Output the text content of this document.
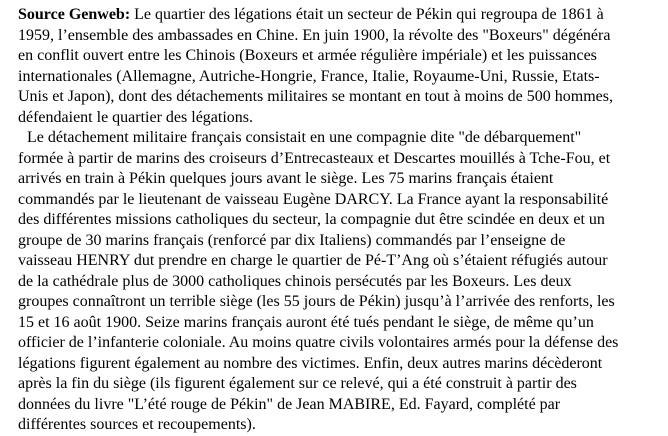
Source Genweb: Le quartier des légations était un secteur de Pékin qui regroupa de 1861 à
1959, l’ensemble des ambassades en Chine. En juin 1900, la révolte des "Boxeurs" dégénéra
en conflit ouvert entre les Chinois (Boxeurs et armée régulière impériale) et les puissances
internationales (Allemagne, Autriche-Hongrie, France, Italie, Royaume-Uni, Russie, Etats-
Unis et Japon), dont des détachements militaires se montant en tout à moins de 500 hommes,
défendaient le quartier des légations.
Le détachement militaire français consistait en une compagnie dite "de débarquement"
formée à partir de marins des croiseurs d’Entrecasteaux et Descartes mouillés à Tche-Fou, et
arrivés en train à Pékin quelques jours avant le siège. Les 75 marins français étaient
commandés par le lieutenant de vaisseau Eugène DARCY. La France ayant la responsabilité
des différentes missions catholiques du secteur, la compagnie dut être scindée en deux et un
groupe de 30 marins français (renforcé par dix Italiens) commandés par l’enseigne de
vaisseau HENRY dut prendre en charge le quartier de Pé-T’Ang où s’étaient réfugiés autour
de la cathédrale plus de 3000 catholiques chinois persécutés par les Boxeurs. Les deux
groupes connaîtront un terrible siège (les 55 jours de Pékin) jusqu’à l’arrivée des renforts, les
15 et 16 août 1900. Seize marins français auront été tués pendant le siège, de même qu’un
officier de l’infanterie coloniale. Au moins quatre civils volontaires armés pour la défense des
légations figurent également au nombre des victimes. Enfin, deux autres marins décèderont
après la fin du siège (ils figurent également sur ce relevé, qui a été construit à partir des
données du livre "L’été rouge de Pékin" de Jean MABIRE, Ed. Fayard, complété par
différentes sources et recoupements).
